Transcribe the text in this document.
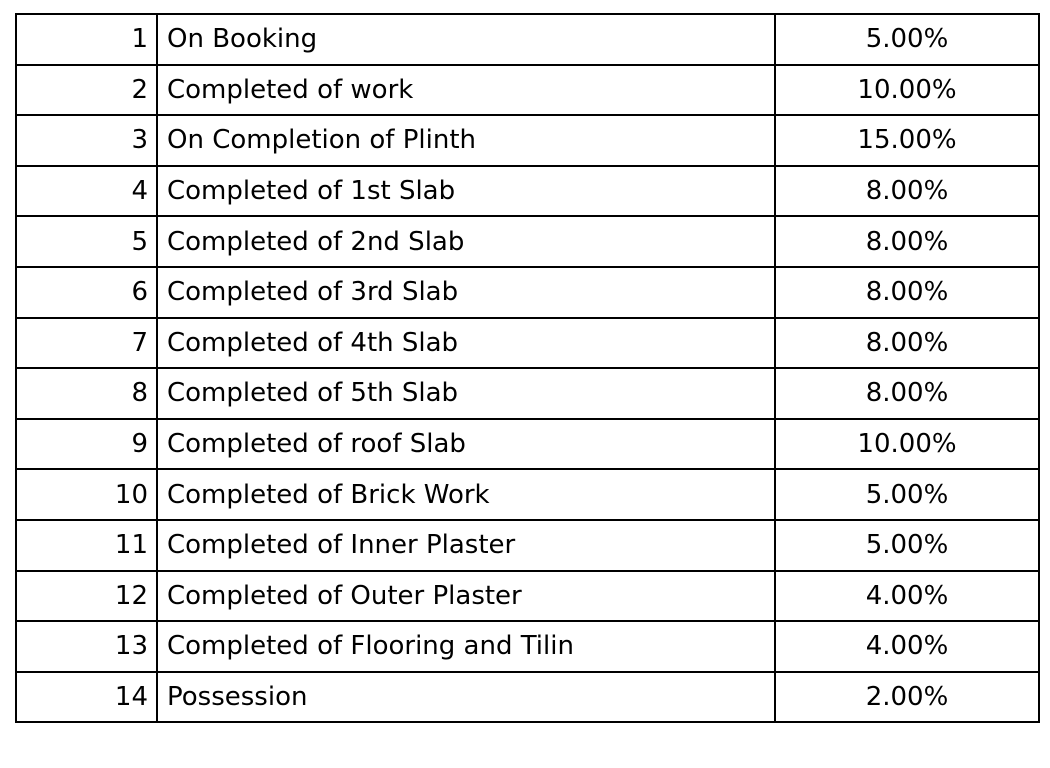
1	On Booking	5.00%
2	Completed of work	10.00%
3	On Completion of Plinth	15.00%
4	Completed of 1st Slab	8.00%
5	Completed of 2nd Slab	8.00%
6	Completed of 3rd Slab	8.00%
7	Completed of 4th Slab	8.00%
8	Completed of 5th Slab	8.00%
9	Completed of roof Slab	10.00%
10	Completed of Brick Work	5.00%
11	Completed of Inner Plaster	5.00%
12	Completed of Outer Plaster	4.00%
13	Completed of Flooring and Tilin	4.00%
14	Possession	2.00%
